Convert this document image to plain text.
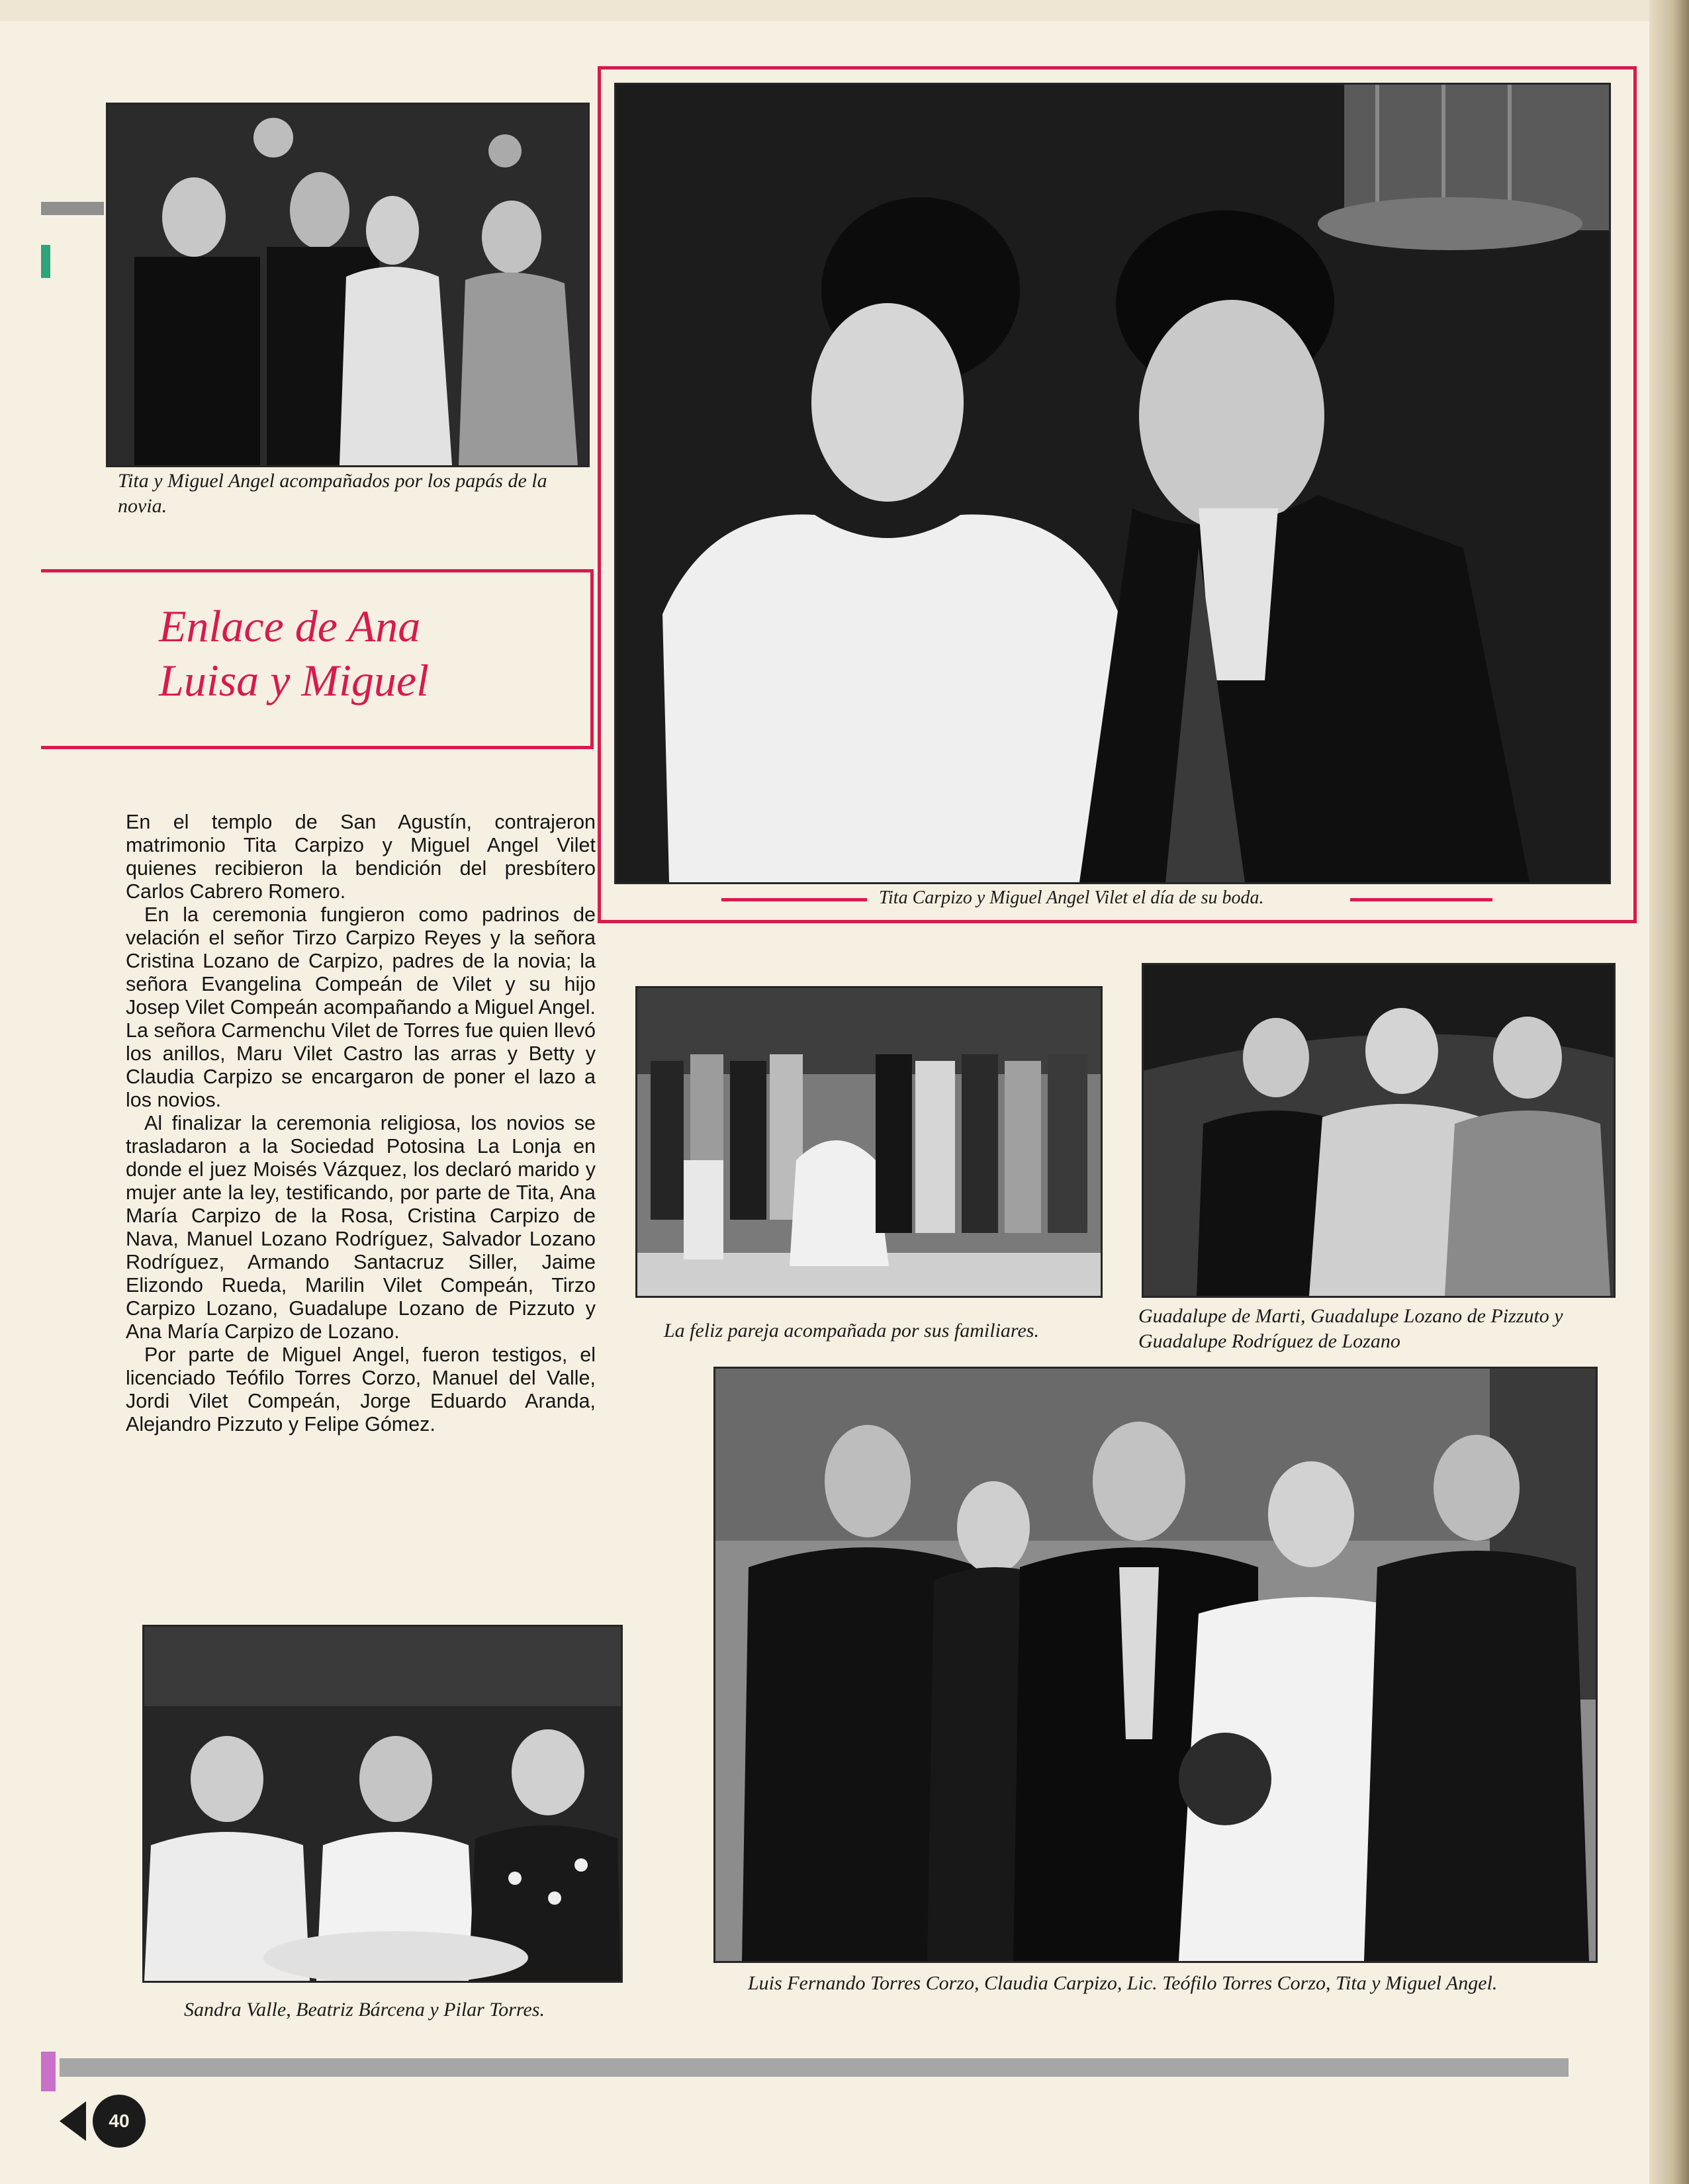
Tita y Miguel Angel acompañados por los papás de la novia.
Enlace de Ana
Luisa y Miguel

En el templo de San Agustín, contrajeron matrimonio Tita Carpizo y Miguel Angel Vilet quienes recibieron la bendición del presbítero Carlos Cabrero Romero.

En la ceremonia fungieron como padrinos de velación el señor Tirzo Carpizo Reyes y la señora Cristina Lozano de Carpizo, padres de la novia; la señora Evangelina Compeán de Vilet y su hijo Josep Vilet Compeán acompañando a Miguel Angel. La señora Carmenchu Vilet de Torres fue quien llevó los anillos, Maru Vilet Castro las arras y Betty y Claudia Carpizo se encargaron de poner el lazo a los novios.

Al finalizar la ceremonia religiosa, los novios se trasladaron a la Sociedad Potosina La Lonja en donde el juez Moisés Vázquez, los declaró marido y mujer ante la ley, testificando, por parte de Tita, Ana María Carpizo de la Rosa, Cristina Carpizo de Nava, Manuel Lozano Rodríguez, Salvador Lozano Rodríguez, Armando Santacruz Siller, Jaime Elizondo Rueda, Marilin Vilet Compeán, Tirzo Carpizo Lozano, Guadalupe Lozano de Pizzuto y Ana María Carpizo de Lozano.

Por parte de Miguel Angel, fueron testigos, el licenciado Teófilo Torres Corzo, Manuel del Valle, Jordi Vilet Compeán, Jorge Eduardo Aranda, Alejandro Pizzuto y Felipe Gómez.

Tita Carpizo y Miguel Angel Vilet el día de su boda.
La feliz pareja acompañada por sus familiares.
Guadalupe de Marti, Guadalupe Lozano de Pizzuto y Guadalupe Rodríguez de Lozano
Sandra Valle, Beatriz Bárcena y Pilar Torres.
Luis Fernando Torres Corzo, Claudia Carpizo, Lic. Teófilo Torres Corzo, Tita y Miguel Angel.
40
